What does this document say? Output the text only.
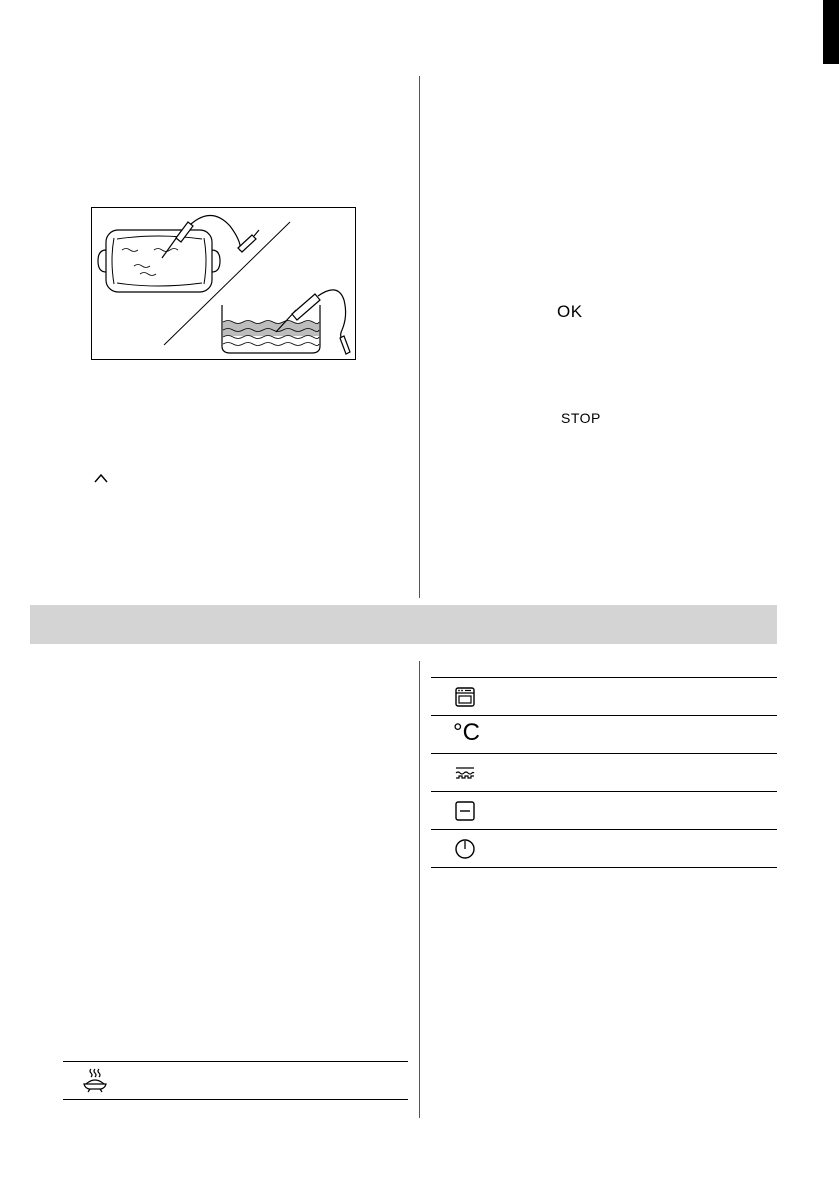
OK
STOP
°C
